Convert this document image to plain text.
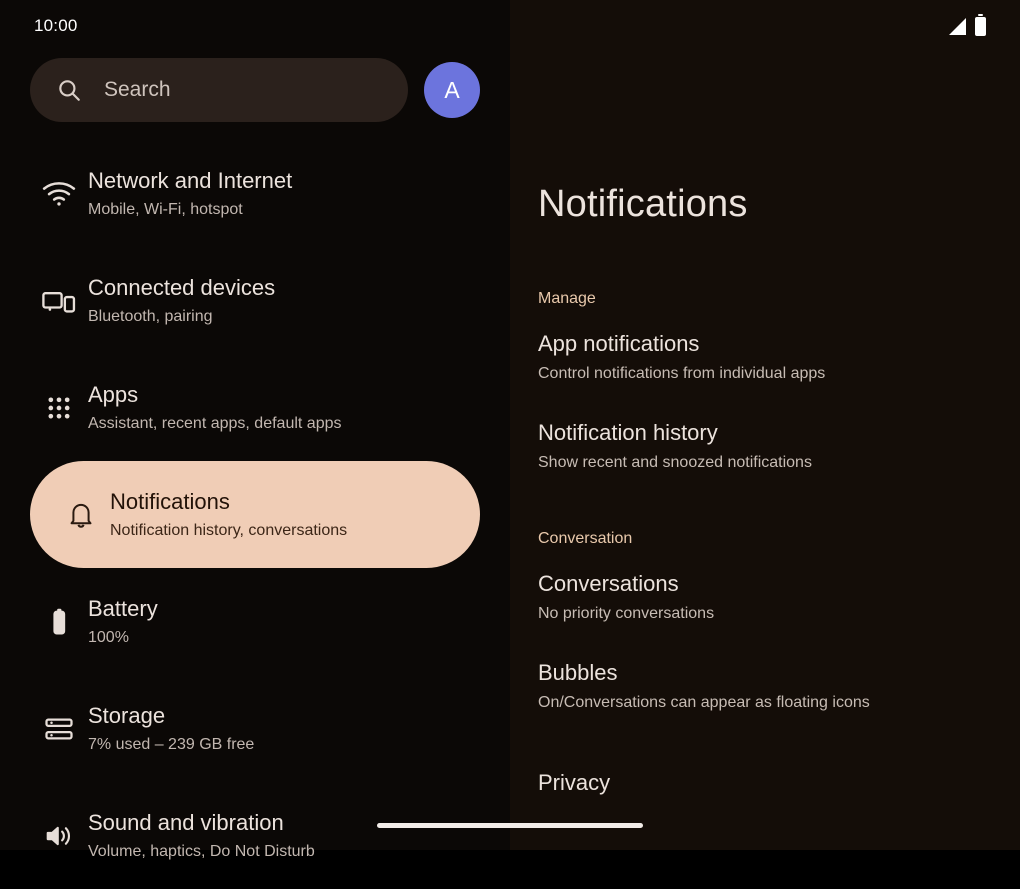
Search	A
Network and Internet
Mobile, Wi-Fi, hotspot
Connected devices
Bluetooth, pairing
Apps
Assistant, recent apps, default apps
Notifications
Notification history, conversations
Battery
100%
Storage
7% used – 239 GB free
Sound and vibration
Volume, haptics, Do Not Disturb
Notifications
Manage
App notifications
Control notifications from individual apps
Notification history
Show recent and snoozed notifications
Conversation
Conversations
No priority conversations
Bubbles
On/Conversations can appear as floating icons
Privacy
10:00
